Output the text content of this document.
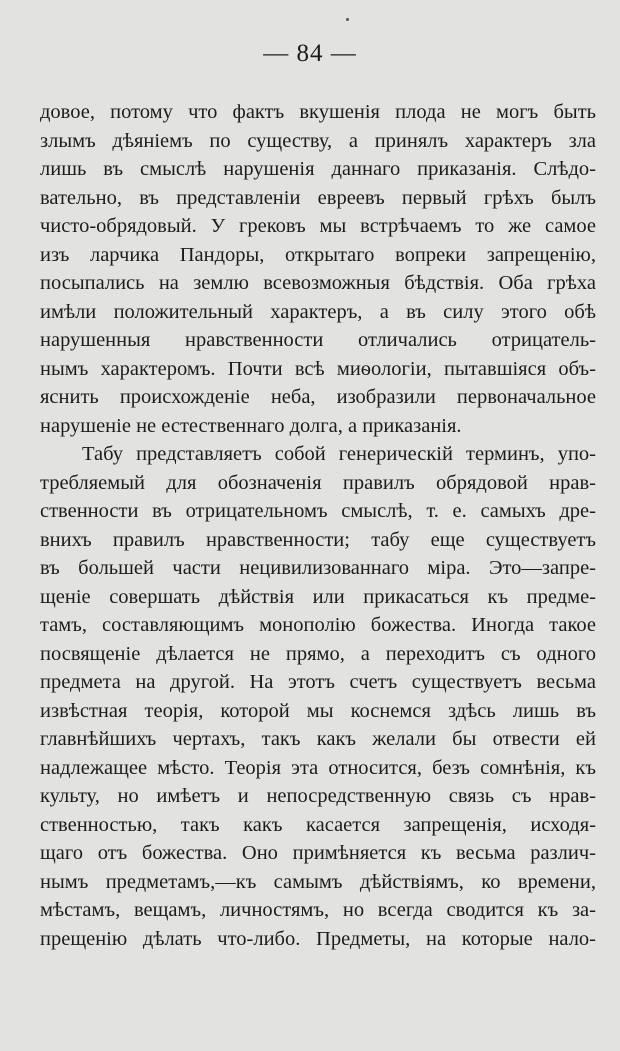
— 84 —
довое, потому что фактъ вкушенія плода не могъ быть
злымъ дѣяніемъ по существу, а принялъ характеръ зла
лишь въ смыслѣ нарушенія даннаго приказанія. Слѣдо-
вательно, въ представленіи евреевъ первый грѣхъ былъ
чисто-обрядовый. У грековъ мы встрѣчаемъ то же самое
изъ ларчика Пандоры, открытаго вопреки запрещенію,
посыпались на землю всевозможныя бѣдствія. Оба грѣха
имѣли положительный характеръ, а въ силу этого обѣ
нарушенныя нравственности отличались отрицатель-
нымъ характеромъ. Почти всѣ миѳологіи, пытавшіяся объ-
яснить происхожденіе неба, изобразили первоначальное
нарушеніе не естественнаго долга, а приказанія.
Табу представляетъ собой генерическій терминъ, упо-
требляемый для обозначенія правилъ обрядовой нрав-
ственности въ отрицательномъ смыслѣ, т. е. самыхъ дре-
внихъ правилъ нравственности; табу еще существуетъ
въ большей части нецивилизованнаго міра. Это—запре-
щеніе совершать дѣйствія или прикасаться къ предме-
тамъ, составляющимъ монополію божества. Иногда такое
посвященіе дѣлается не прямо, а переходитъ съ одного
предмета на другой. На этотъ счетъ существуетъ весьма
извѣстная теорія, которой мы коснемся здѣсь лишь въ
главнѣйшихъ чертахъ, такъ какъ желали бы отвести ей
надлежащее мѣсто. Теорія эта относится, безъ сомнѣнія, къ
культу, но имѣетъ и непосредственную связь съ нрав-
ственностью, такъ какъ касается запрещенія, исходя-
щаго отъ божества. Оно примѣняется къ весьма различ-
нымъ предметамъ,—къ самымъ дѣйствіямъ, ко времени,
мѣстамъ, вещамъ, личностямъ, но всегда сводится къ за-
прещенію дѣлать что-либо. Предметы, на которые нало-
